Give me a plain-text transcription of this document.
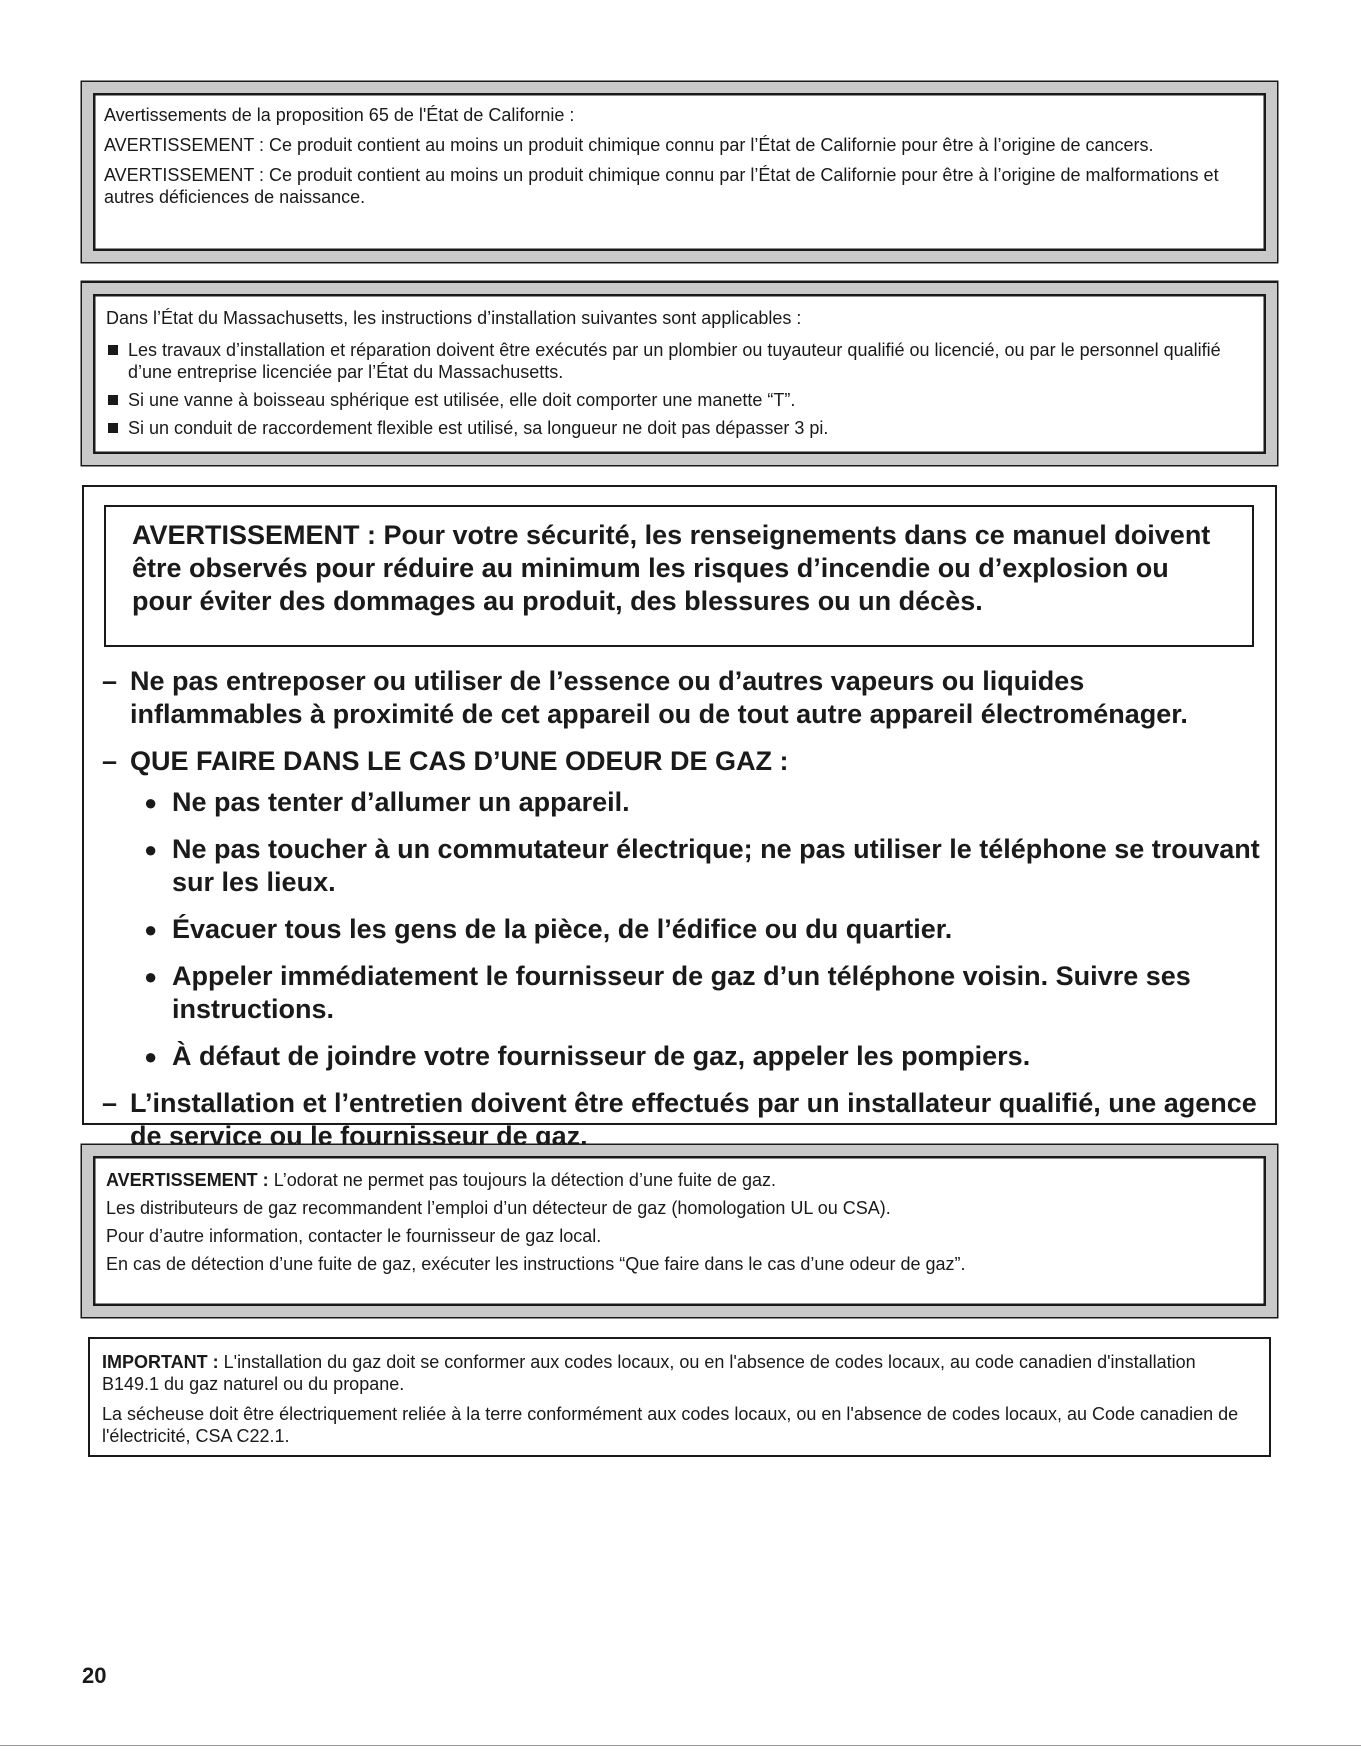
Avertissements de la proposition 65 de l'État de Californie :

AVERTISSEMENT : Ce produit contient au moins un produit chimique connu par l’État de Californie pour être à l’origine de cancers.

AVERTISSEMENT : Ce produit contient au moins un produit chimique connu par l’État de Californie pour être à l’origine de malformations et autres déficiences de naissance.

Dans l’État du Massachusetts, les instructions d’installation suivantes sont applicables :

Les travaux d’installation et réparation doivent être exécutés par un plombier ou tuyauteur qualifié ou licencié, ou par le personnel qualifié d’une entreprise licenciée par l’État du Massachusetts.
Si une vanne à boisseau sphérique est utilisée, elle doit comporter une manette “T”.
Si un conduit de raccordement flexible est utilisé, sa longueur ne doit pas dépasser 3 pi.

AVERTISSEMENT : Pour votre sécurité, les renseignements dans ce manuel doivent être observés pour réduire au minimum les risques d’incendie ou d’explosion ou pour éviter des dommages au produit, des blessures ou un décès.

– Ne pas entreposer ou utiliser de l’essence ou d’autres vapeurs ou liquides inflammables à proximité de cet appareil ou de tout autre appareil électroménager.
– QUE FAIRE DANS LE CAS D’UNE ODEUR DE GAZ :
● Ne pas tenter d’allumer un appareil.
● Ne pas toucher à un commutateur électrique; ne pas utiliser le téléphone se trouvant sur les lieux.
● Évacuer tous les gens de la pièce, de l’édifice ou du quartier.
● Appeler immédiatement le fournisseur de gaz d’un téléphone voisin. Suivre ses instructions.
● À défaut de joindre votre fournisseur de gaz, appeler les pompiers.
– L’installation et l’entretien doivent être effectués par un installateur qualifié, une agence de service ou le fournisseur de gaz.

AVERTISSEMENT : L’odorat ne permet pas toujours la détection d’une fuite de gaz.

Les distributeurs de gaz recommandent l’emploi d’un détecteur de gaz (homologation UL ou CSA).

Pour d’autre information, contacter le fournisseur de gaz local.

En cas de détection d’une fuite de gaz, exécuter les instructions “Que faire dans le cas d’une odeur de gaz”.

IMPORTANT : L'installation du gaz doit se conformer aux codes locaux, ou en l'absence de codes locaux, au code canadien d'installation B149.1 du gaz naturel ou du propane.

La sécheuse doit être électriquement reliée à la terre conformément aux codes locaux, ou en l'absence de codes locaux, au Code canadien de l'électricité, CSA C22.1.

20
